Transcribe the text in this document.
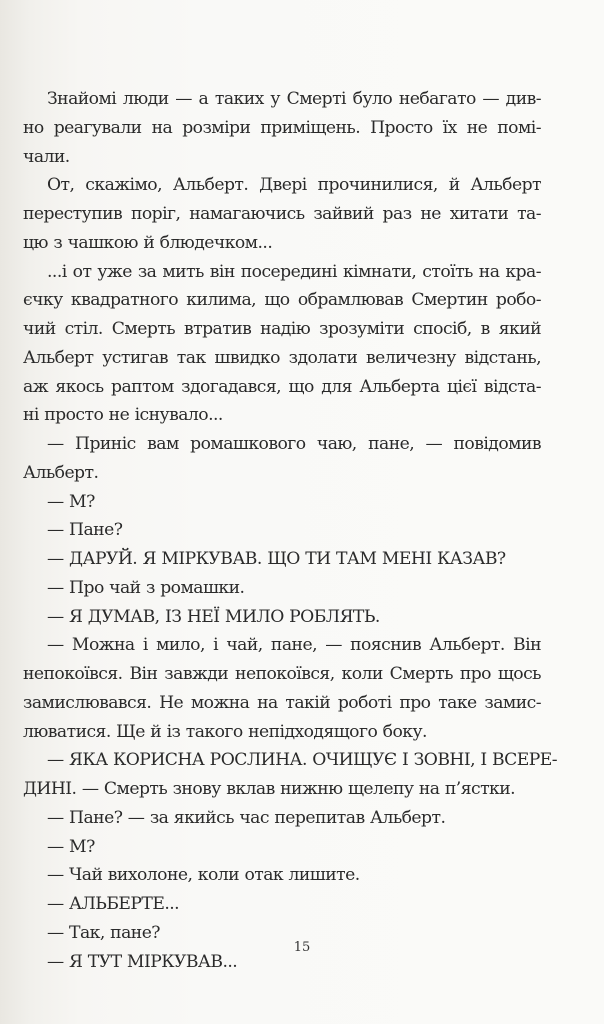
Знайомі люди — а таких у Смерті було небагато — див-
но реагували на розміри приміщень. Просто їх не помі-
чали.
От, скажімо, Альберт. Двері прочинилися, й Альберт
переступив поріг, намагаючись зайвий раз не хитати та-
цю з чашкою й блюдечком...
...і от уже за мить він посередині кімнати, стоїть на кра-
єчку квадратного килима, що обрамлював Смертин робо-
чий стіл. Смерть втратив надію зрозуміти спосіб, в який
Альберт устигав так швидко здолати величезну відстань,
аж якось раптом здогадався, що для Альберта цієї відста-
ні просто не існувало...
— Приніс вам ромашкового чаю, пане, — повідомив
Альберт.
— М?
— Пане?
— ДАРУЙ. Я МІРКУВАВ. ЩО ТИ ТАМ МЕНІ КАЗАВ?
— Про чай з ромашки.
— Я ДУМАВ, ІЗ НЕЇ МИЛО РОБЛЯТЬ.
— Можна і мило, і чай, пане, — пояснив Альберт. Він
непокоївся. Він завжди непокоївся, коли Смерть про щось
замислювався. Не можна на такій роботі про таке замис-
люватися. Ще й із такого непідходящого боку.
— ЯКА КОРИСНА РОСЛИНА. ОЧИЩУЄ І ЗОВНІ, І ВСЕРЕ-
ДИНІ. — Смерть знову вклав нижню щелепу на п’ястки.
— Пане? — за якийсь час перепитав Альберт.
— М?
— Чай вихолоне, коли отак лишите.
— АЛЬБЕРТЕ...
— Так, пане?
— Я ТУТ МІРКУВАВ...
15
